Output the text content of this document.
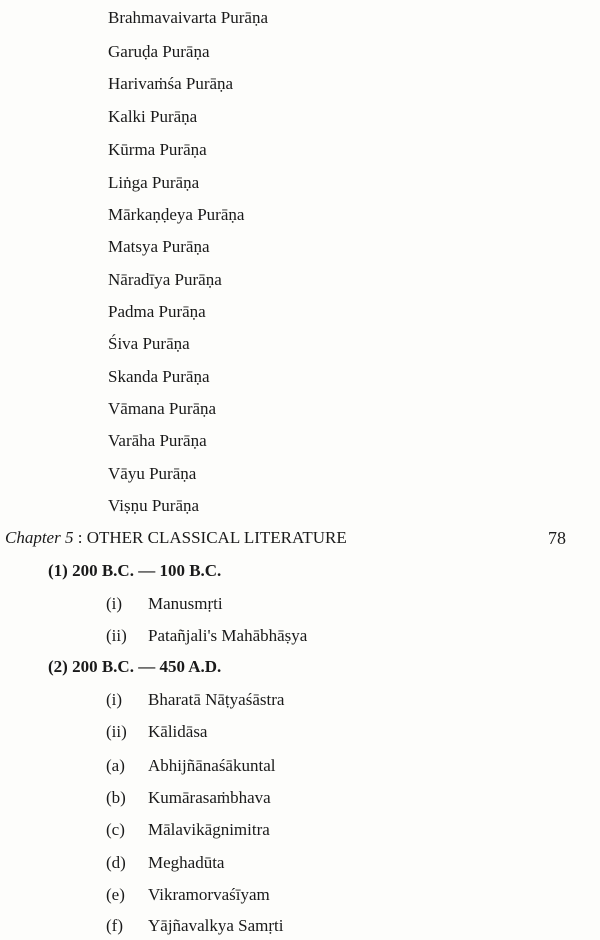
Brahmavaivarta Purāṇa
Garuḍa Purāṇa
Harivaṁśa Purāṇa
Kalki Purāṇa
Kūrma Purāṇa
Liṅga Purāṇa
Mārkaṇḍeya Purāṇa
Matsya Purāṇa
Nāradīya Purāṇa
Padma Purāṇa
Śiva Purāṇa
Skanda Purāṇa
Vāmana Purāṇa
Varāha Purāṇa
Vāyu Purāṇa
Viṣṇu Purāṇa
Chapter 5 : OTHER CLASSICAL LITERATURE	78
(1) 200 B.C. — 100 B.C.
(i) Manusmṛti
(ii) Patañjali's Mahābhāṣya
(2) 200 B.C. — 450 A.D.
(i) Bharatā Nāṭyaśāstra
(ii) Kālidāsa
(a) Abhijñānaśākuntal
(b) Kumārasaṁbhava
(c) Mālavikāgnimitra
(d) Meghadūta
(e) Vikramorvaśīyam
(f) Yājñavalkya Samṛti
